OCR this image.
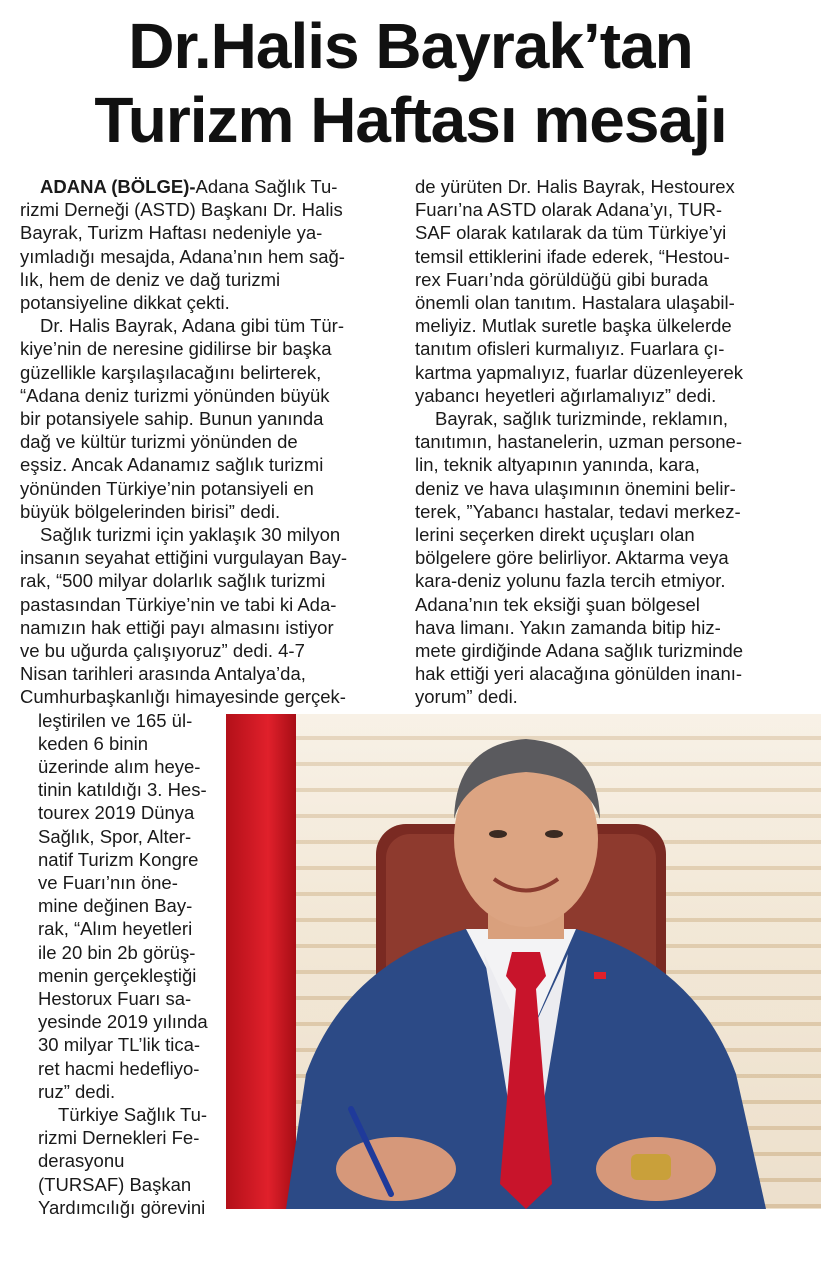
Dr.Halis Bayrak’tan
Turizm Haftası mesajı

ADANA (BÖLGE)-Adana Sağlık Tu-

rizmi Derneği (ASTD) Başkanı Dr. Halis

Bayrak, Turizm Haftası nedeniyle ya-

yımladığı mesajda, Adana’nın hem sağ-

lık, hem de deniz ve dağ turizmi

potansiyeline dikkat çekti.

Dr. Halis Bayrak, Adana gibi tüm Tür-

kiye’nin de neresine gidilirse bir başka

güzellikle karşılaşılacağını belirterek,

“Adana deniz turizmi yönünden büyük

bir potansiyele sahip. Bunun yanında

dağ ve kültür turizmi yönünden de

eşsiz. Ancak Adanamız sağlık turizmi

yönünden Türkiye’nin potansiyeli en

büyük bölgelerinden birisi” dedi.

Sağlık turizmi için yaklaşık 30 milyon

insanın seyahat ettiğini vurgulayan Bay-

rak, “500 milyar dolarlık sağlık turizmi

pastasından Türkiye’nin ve tabi ki Ada-

namızın hak ettiği payı almasını istiyor

ve bu uğurda çalışıyoruz” dedi. 4-7

Nisan tarihleri arasında Antalya’da,

Cumhurbaşkanlığı himayesinde gerçek-

leştirilen ve 165 ül-

keden 6 binin

üzerinde alım heye-

tinin katıldığı 3. Hes-

tourex 2019 Dünya

Sağlık, Spor, Alter-

natif Turizm Kongre

ve Fuarı’nın öne-

mine değinen Bay-

rak, “Alım heyetleri

ile 20 bin 2b görüş-

menin gerçekleştiği

Hestorux Fuarı sa-

yesinde 2019 yılında

30 milyar TL’lik tica-

ret hacmi hedefliyo-

ruz” dedi.

Türkiye Sağlık Tu-

rizmi Dernekleri Fe-

derasyonu

(TURSAF) Başkan

Yardımcılığı görevini

de yürüten Dr. Halis Bayrak, Hestourex

Fuarı’na ASTD olarak Adana’yı, TUR-

SAF olarak katılarak da tüm Türkiye’yi

temsil ettiklerini ifade ederek, “Hestou-

rex Fuarı’nda görüldüğü gibi burada

önemli olan tanıtım. Hastalara ulaşabil-

meliyiz. Mutlak suretle başka ülkelerde

tanıtım ofisleri kurmalıyız. Fuarlara çı-

kartma yapmalıyız, fuarlar düzenleyerek

yabancı heyetleri ağırlamalıyız” dedi.

Bayrak, sağlık turizminde, reklamın,

tanıtımın, hastanelerin, uzman persone-

lin, teknik altyapının yanında, kara,

deniz ve hava ulaşımının önemini belir-

terek, ”Yabancı hastalar, tedavi merkez-

lerini seçerken direkt uçuşları olan

bölgelere göre belirliyor. Aktarma veya

kara-deniz yolunu fazla tercih etmiyor.

Adana’nın tek eksiği şuan bölgesel

hava limanı. Yakın zamanda bitip hiz-

mete girdiğinde Adana sağlık turizminde

hak ettiği yeri alacağına gönülden inanı-

yorum” dedi.
